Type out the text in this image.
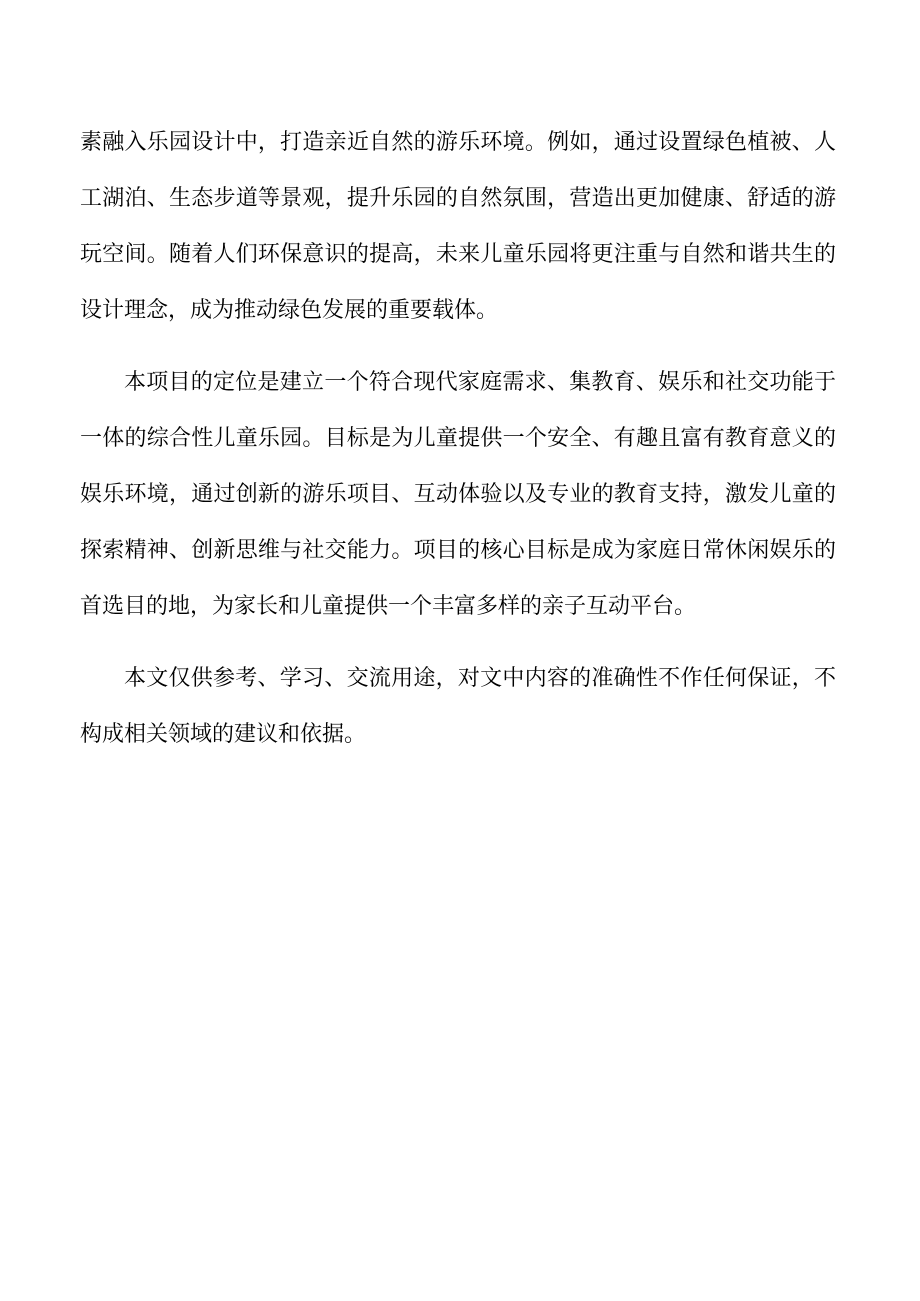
素融入乐园设计中，打造亲近自然的游乐环境。例如，通过设置绿色植被、人工湖泊、生态步道等景观，提升乐园的自然氛围，营造出更加健康、舒适的游玩空间。随着人们环保意识的提高，未来儿童乐园将更注重与自然和谐共生的设计理念，成为推动绿色发展的重要载体。

本项目的定位是建立一个符合现代家庭需求、集教育、娱乐和社交功能于一体的综合性儿童乐园。目标是为儿童提供一个安全、有趣且富有教育意义的娱乐环境，通过创新的游乐项目、互动体验以及专业的教育支持，激发儿童的探索精神、创新思维与社交能力。项目的核心目标是成为家庭日常休闲娱乐的首选目的地，为家长和儿童提供一个丰富多样的亲子互动平台。

本文仅供参考、学习、交流用途，对文中内容的准确性不作任何保证，不构成相关领域的建议和依据。
